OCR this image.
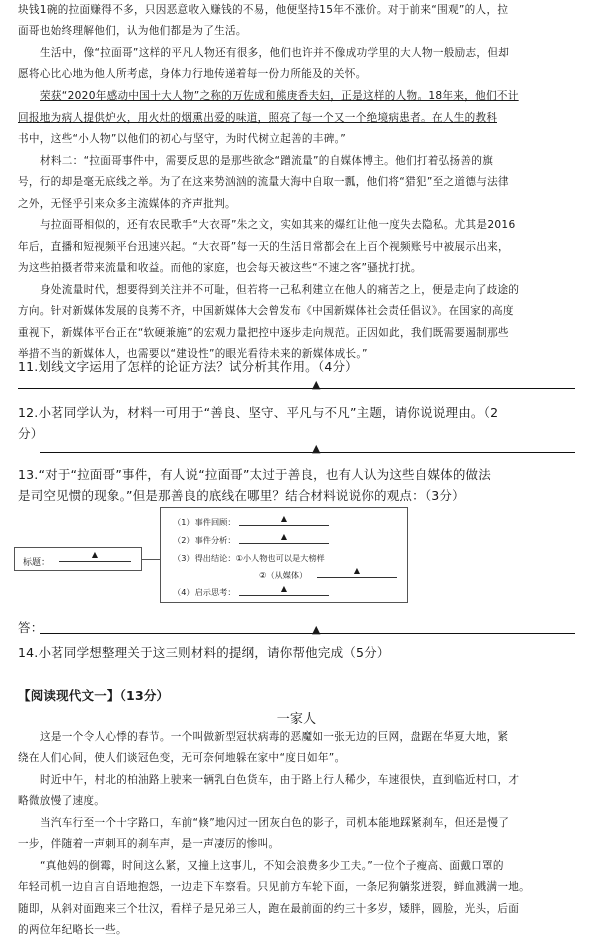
块钱1碗的拉面赚得不多，只因恶意收入赚钱的不易，他便坚持15年不涨价。对于前来“围观”的人，拉
面哥也始终理解他们，认为他们都是为了生活。
生活中，像“拉面哥”这样的平凡人物还有很多，他们也许并不像成功学里的大人物一般励志，但却
愿将心比心地为他人所考虑，身体力行地传递着每一份力所能及的关怀。
荣获“2020年感动中国十大人物”之称的万佐成和熊庚香夫妇，正是这样的人物。18年来，他们不计
回报地为病人提供炉火，用火灶的烟熏出爱的味道，照亮了每一个又一个绝境病患者。在人生的教科
书中，这些“小人物”以他们的初心与坚守，为时代树立起善的丰碑。”
材料二：“拉面哥事件中，需要反思的是那些欲念“蹭流量”的自媒体博主。他们打着弘扬善的旗
号，行的却是毫无底线之举。为了在这来势汹汹的流量大海中自取一瓢，他们将“猎犯”至之道德与法律
之外，无怪乎引来众多主流媒体的齐声批判。
与拉面哥相似的，还有农民歌手“大衣哥”朱之文，实如其来的爆红让他一度失去隐私。尤其是2016
年后，直播和短视频平台迅速兴起。“大衣哥”每一天的生活日常都会在上百个视频账号中被展示出来，
为这些拍摄者带来流量和收益。而他的家庭，也会每天被这些“不速之客”骚扰打扰。
身处流量时代，想要得到关注并不可耻，但若将一己私利建立在他人的痛苦之上，便是走向了歧途的
方向。针对新媒体发展的良莠不齐，中国新媒体大会曾发布《中国新媒体社会责任倡议》。在国家的高度
重视下，新媒体平台正在“软硬兼施”的宏观力量把控中逐步走向规范。正因如此，我们既需要遏制那些
举措不当的新媒体人，也需要以“建设性”的眼光看待未来的新媒体成长。”
11.划线文字运用了怎样的论证方法？试分析其作用。（4分）
▲
12.小茗同学认为，材料一可用于“善良、坚守、平凡与不凡”主题，请你说说理由。（2
分）
▲
13.“对于“拉面哥”事件，有人说“拉面哥”太过于善良，也有人认为这些自媒体的做法
是司空见惯的现象。”但是那善良的底线在哪里？结合材料说说你的观点：（3分）
标题：
▲
（1）事件回顾：	▲
（2）事件分析：	▲
（3）得出结论：①小人物也可以是大榜样
②（从媒体）	▲
（4）启示思考：	▲
答：	▲
14.小茗同学想整理关于这三则材料的提纲，请你帮他完成（5分）
【阅读现代文一】（13分）
一家人
这是一个令人心悸的春节。一个叫做新型冠状病毒的恶魔如一张无边的巨网，盘踞在华夏大地，紧
绕在人们心间，使人们谈冠色变，无可奈何地躲在家中“度日如年”。
时近中午，村北的柏油路上驶来一辆乳白色货车，由于路上行人稀少，车速很快，直到临近村口，才
略微放慢了速度。
当汽车行至一个十字路口，车前“倏”地闪过一团灰白色的影子，司机本能地踩紧刹车，但还是慢了
一步，伴随着一声刺耳的刹车声，是一声凄厉的惨叫。
“真他妈的倒霉，时间这么紧，又撞上这事儿，不知会浪费多少工夫。”一位个子瘦高、面戴口罩的
年轻司机一边自言自语地抱怨，一边走下车察看。只见前方车轮下面，一条尼狗躺浆迸裂，鲜血溅满一地。
随即，从斜对面跑来三个壮汉，看样子是兄弟三人，跑在最前面的约三十多岁，矮胖，圆脸，光头，后面
的两位年纪略长一些。
